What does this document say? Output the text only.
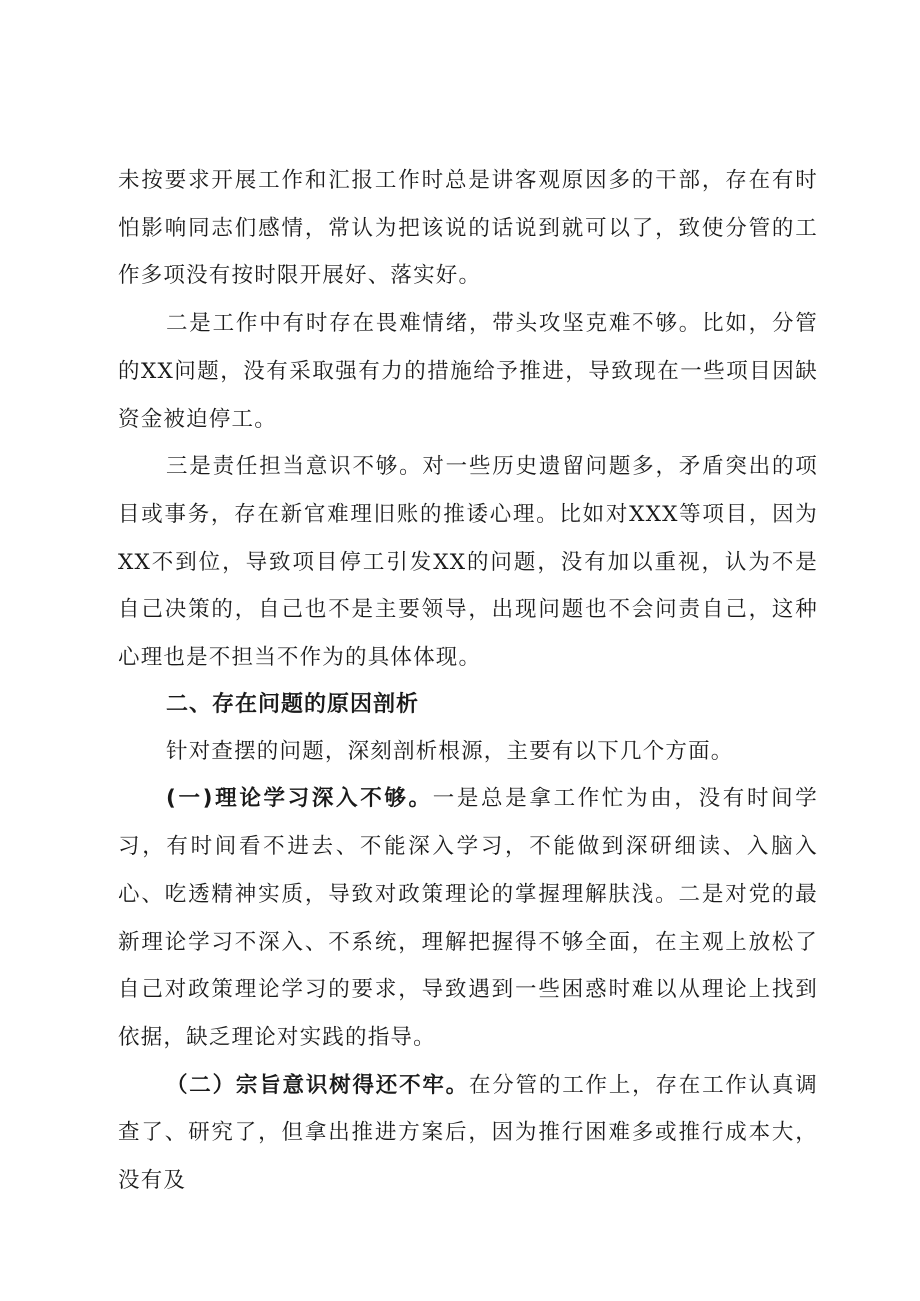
未按要求开展工作和汇报工作时总是讲客观原因多的干部，存在有时怕影响同志们感情，常认为把该说的话说到就可以了，致使分管的工作多项没有按时限开展好、落实好。

二是工作中有时存在畏难情绪，带头攻坚克难不够。比如，分管的XX问题，没有采取强有力的措施给予推进，导致现在一些项目因缺资金被迫停工。

三是责任担当意识不够。对一些历史遗留问题多，矛盾突出的项目或事务，存在新官难理旧账的推诿心理。比如对XXX等项目，因为XX不到位，导致项目停工引发XX的问题，没有加以重视，认为不是自己决策的，自己也不是主要领导，出现问题也不会问责自己，这种心理也是不担当不作为的具体体现。

二、存在问题的原因剖析

针对查摆的问题，深刻剖析根源，主要有以下几个方面。

(一)理论学习深入不够。一是总是拿工作忙为由，没有时间学习，有时间看不进去、不能深入学习，不能做到深研细读、入脑入心、吃透精神实质，导致对政策理论的掌握理解肤浅。二是对党的最新理论学习不深入、不系统，理解把握得不够全面，在主观上放松了自己对政策理论学习的要求，导致遇到一些困惑时难以从理论上找到依据，缺乏理论对实践的指导。

（二）宗旨意识树得还不牢。在分管的工作上，存在工作认真调查了、研究了，但拿出推进方案后，因为推行困难多或推行成本大，没有及
